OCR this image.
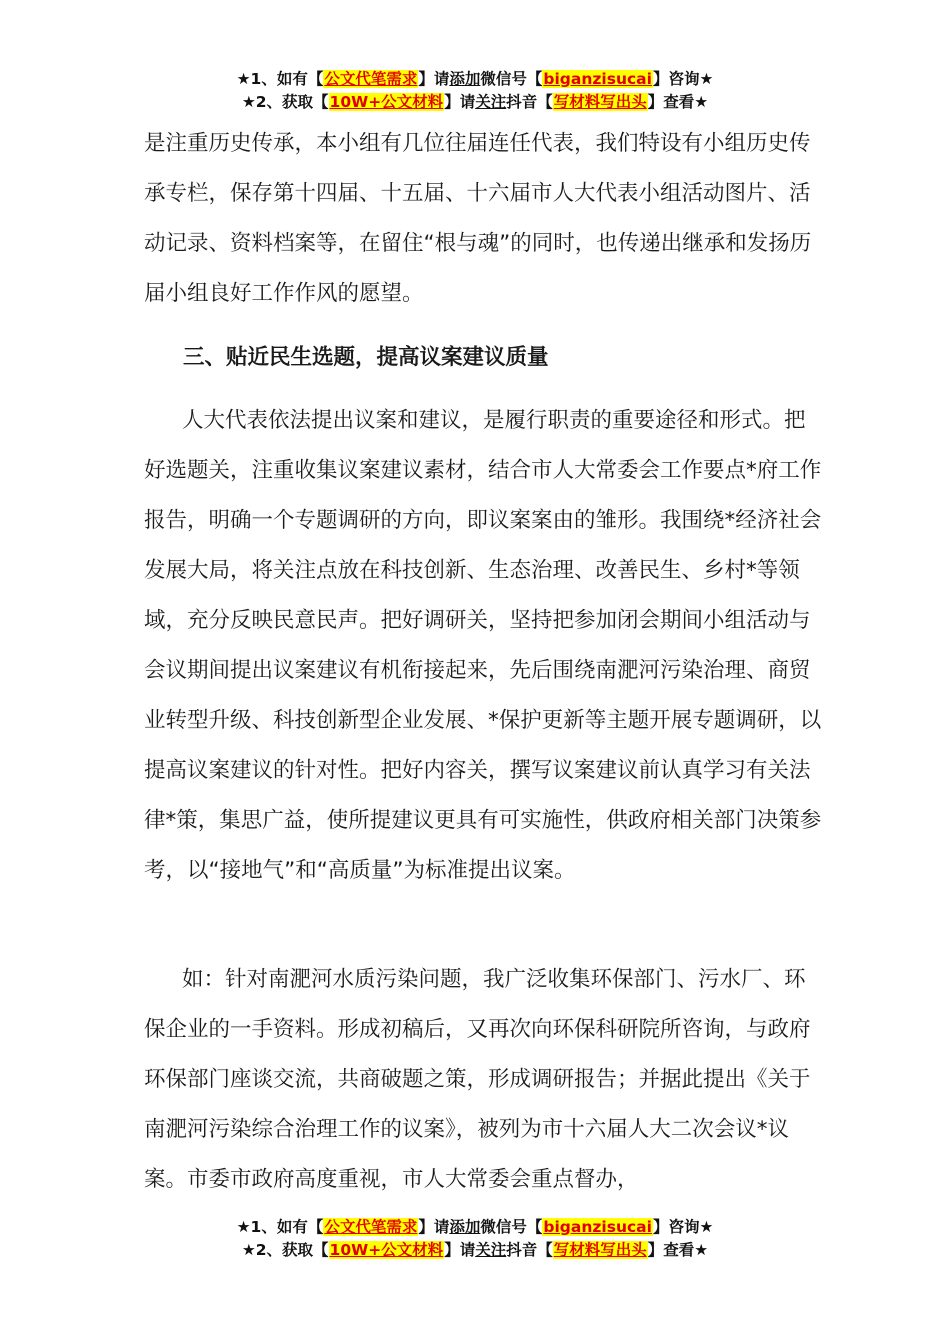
★1、如有【公文代笔需求】请添加微信号【biganzisucai】咨询★
★2、获取【10W+公文材料】请关注抖音【写材料写出头】查看★
是注重历史传承，本小组有几位往届连任代表，我们特设有小组历史传承专栏，保存第十四届、十五届、十六届市人大代表小组活动图片、活动记录、资料档案等，在留住“根与魂”的同时，也传递出继承和发扬历届小组良好工作作风的愿望。
三、贴近民生选题，提高议案建议质量
人大代表依法提出议案和建议，是履行职责的重要途径和形式。把好选题关，注重收集议案建议素材，结合市人大常委会工作要点*府工作报告，明确一个专题调研的方向，即议案案由的雏形。我围绕*经济社会发展大局，将关注点放在科技创新、生态治理、改善民生、乡村*等领域，充分反映民意民声。把好调研关，坚持把参加闭会期间小组活动与会议期间提出议案建议有机衔接起来，先后围绕南淝河污染治理、商贸业转型升级、科技创新型企业发展、*保护更新等主题开展专题调研，以提高议案建议的针对性。把好内容关，撰写议案建议前认真学习有关法律*策，集思广益，使所提建议更具有可实施性，供政府相关部门决策参考，以“接地气”和“高质量”为标准提出议案。
如：针对南淝河水质污染问题，我广泛收集环保部门、污水厂、环保企业的一手资料。形成初稿后，又再次向环保科研院所咨询，与政府环保部门座谈交流，共商破题之策，形成调研报告；并据此提出《关于南淝河污染综合治理工作的议案》，被列为市十六届人大二次会议*议案。市委市政府高度重视，市人大常委会重点督办，
★1、如有【公文代笔需求】请添加微信号【biganzisucai】咨询★
★2、获取【10W+公文材料】请关注抖音【写材料写出头】查看★
